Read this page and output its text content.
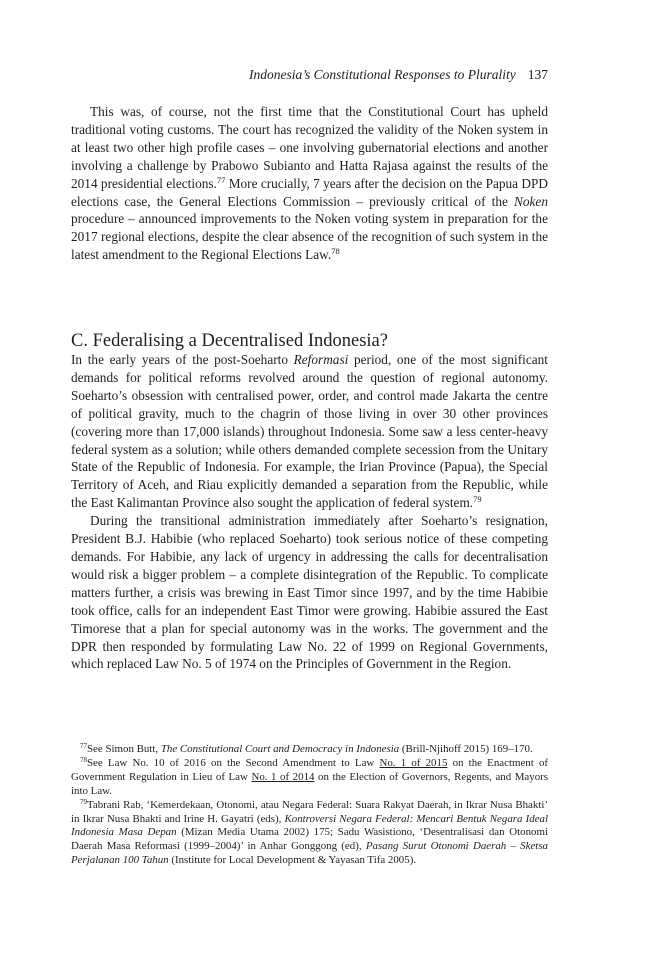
Indonesia’s Constitutional Responses to Plurality 137

This was, of course, not the first time that the Constitutional Court has upheld traditional voting customs. The court has recognized the validity of the Noken system in at least two other high profile cases – one involving gubernatorial elections and another involving a challenge by Prabowo Subianto and Hatta Rajasa against the results of the 2014 presidential elections.$^{77}$ More crucially, 7 years after the decision on the Papua DPD elections case, the General Elections Commission – previously critical of the Noken procedure – announced improvements to the Noken voting system in preparation for the 2017 regional elections, despite the clear absence of the recognition of such system in the latest amendment to the Regional Elections Law.$^{78}$

C. Federalising a Decentralised Indonesia?

In the early years of the post-Soeharto Reformasi period, one of the most significant demands for political reforms revolved around the question of regional autonomy. Soeharto’s obsession with centralised power, order, and control made Jakarta the centre of political gravity, much to the chagrin of those living in over 30 other provinces (covering more than 17,000 islands) throughout Indonesia. Some saw a less center-heavy federal system as a solution; while others demanded complete secession from the Unitary State of the Republic of Indonesia. For example, the Irian Province (Papua), the Special Territory of Aceh, and Riau explicitly demanded a separation from the Republic, while the East Kalimantan Province also sought the application of federal system.$^{79}$

During the transitional administration immediately after Soeharto’s resignation, President B.J. Habibie (who replaced Soeharto) took serious notice of these competing demands. For Habibie, any lack of urgency in addressing the calls for decentralisation would risk a bigger problem – a complete disintegration of the Republic. To complicate matters further, a crisis was brewing in East Timor since 1997, and by the time Habibie took office, calls for an independent East Timor were growing. Habibie assured the East Timorese that a plan for special autonomy was in the works. The government and the DPR then responded by formulating Law No. 22 of 1999 on Regional Governments, which replaced Law No. 5 of 1974 on the Principles of Government in the Region.

$^{77}$See Simon Butt, The Constitutional Court and Democracy in Indonesia (Brill-Njihoff 2015) 169–170.

$^{78}$See Law No. 10 of 2016 on the Second Amendment to Law No. 1 of 2015 on the Enactment of Government Regulation in Lieu of Law No. 1 of 2014 on the Election of Governors, Regents, and Mayors into Law.

$^{79}$Tabrani Rab, ‘Kemerdekaan, Otonomi, atau Negara Federal: Suara Rakyat Daerah, in Ikrar Nusa Bhakti’ in Ikrar Nusa Bhakti and Irine H. Gayatri (eds), Kontroversi Negara Federal: Mencari Bentuk Negara Ideal Indonesia Masa Depan (Mizan Media Utama 2002) 175; Sadu Wasistiono, ‘Desentralisasi dan Otonomi Daerah Masa Reformasi (1999–2004)’ in Anhar Gonggong (ed), Pasang Surut Otonomi Daerah – Sketsa Perjalanan 100 Tahun (Institute for Local Development & Yayasan Tifa 2005).
